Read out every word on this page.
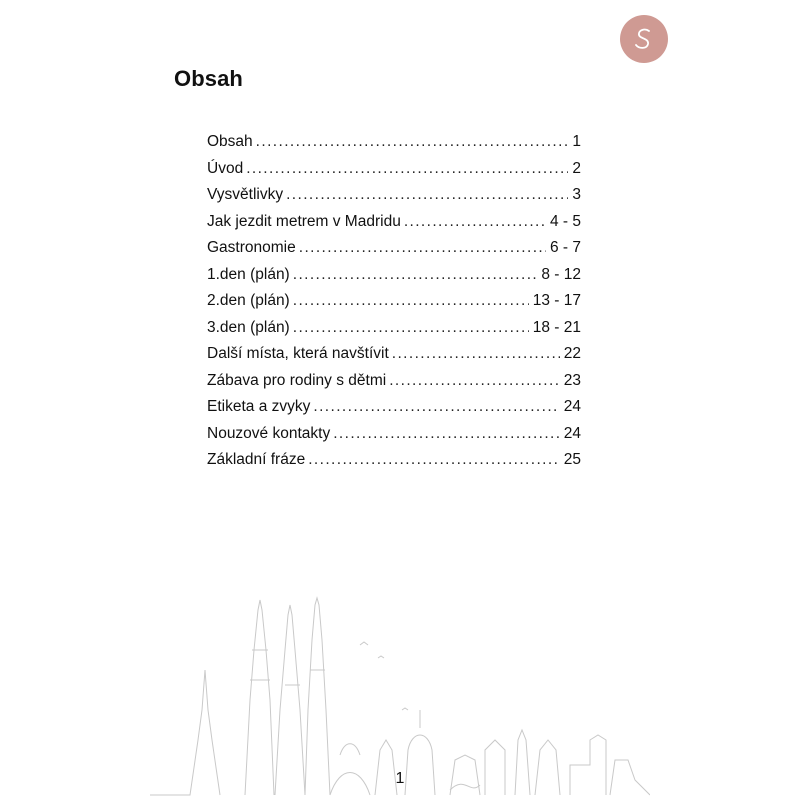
Obsah
Obsah .....	1
Úvod .....	2
Vysvětlivky .....	3
Jak jezdit metrem v Madridu .....	4 - 5
Gastronomie .....	6 - 7
1.den (plán) .....	8 - 12
2.den (plán) .....	13 - 17
3.den (plán) .....	18 - 21
Další místa, která navštívit .....	22
Zábava pro rodiny s dětmi .....	23
Etiketa a zvyky .....	24
Nouzové kontakty .....	24
Základní fráze .....	25
1
